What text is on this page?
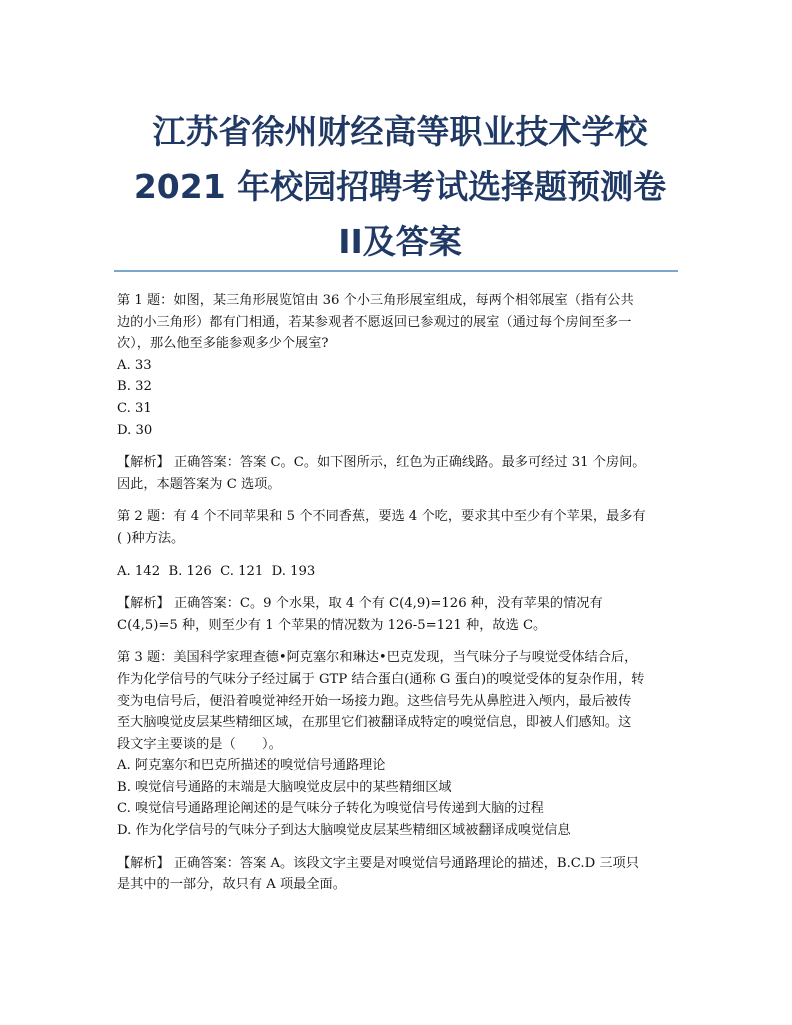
江苏省徐州财经高等职业技术学校
2021 年校园招聘考试选择题预测卷
II及答案

第 1 题：如图，某三角形展览馆由 36 个小三角形展室组成，每两个相邻展室（指有公共

边的小三角形）都有门相通，若某参观者不愿返回已参观过的展室（通过每个房间至多一

次），那么他至多能参观多少个展室?

A. 33

B. 32

C. 31

D. 30

【解析】 正确答案：答案 C。C。如下图所示，红色为正确线路。最多可经过 31 个房间。

因此，本题答案为 C 选项。

第 2 题：有 4 个不同苹果和 5 个不同香蕉，要选 4 个吃，要求其中至少有个苹果，最多有

( )种方法。

A. 142  B. 126  C. 121  D. 193

【解析】 正确答案：C。9 个水果，取 4 个有 C(4,9)=126 种，没有苹果的情况有

C(4,5)=5 种，则至少有 1 个苹果的情况数为 126-5=121 种，故选 C。

第 3 题：美国科学家理查德•阿克塞尔和琳达•巴克发现，当气味分子与嗅觉受体结合后，

作为化学信号的气味分子经过属于 GTP 结合蛋白(通称 G 蛋白)的嗅觉受体的复杂作用，转

变为电信号后，便沿着嗅觉神经开始一场接力跑。这些信号先从鼻腔进入颅内，最后被传

至大脑嗅觉皮层某些精细区域，在那里它们被翻译成特定的嗅觉信息，即被人们感知。这

段文字主要谈的是（　　）。

A. 阿克塞尔和巴克所描述的嗅觉信号通路理论

B. 嗅觉信号通路的末端是大脑嗅觉皮层中的某些精细区域

C. 嗅觉信号通路理论阐述的是气味分子转化为嗅觉信号传递到大脑的过程

D. 作为化学信号的气味分子到达大脑嗅觉皮层某些精细区域被翻译成嗅觉信息

【解析】 正确答案：答案 A。该段文字主要是对嗅觉信号通路理论的描述，B.C.D 三项只

是其中的一部分，故只有 A 项最全面。
